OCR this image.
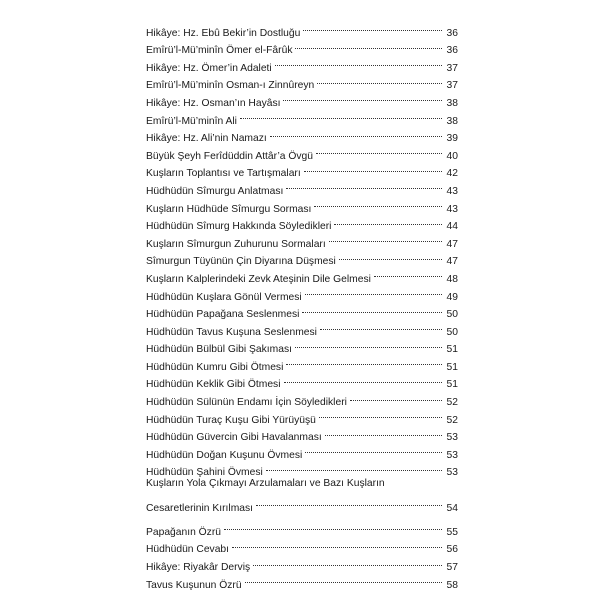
Hikâye: Hz. Ebû Bekir’in Dostluğu	36
Emîrü’l-Mü’minîn Ömer el-Fârûk	36
Hikâye: Hz. Ömer’in Adaleti	37
Emîrü’l-Mü’minîn Osman-ı Zinnûreyn	37
Hikâye: Hz. Osman’ın Hayâsı	38
Emîrü’l-Mü’minîn Ali	38
Hikâye: Hz. Ali’nin Namazı	39
Büyük Şeyh Ferîdüddin Attâr’a Övgü	40
Kuşların Toplantısı ve Tartışmaları	42
Hüdhüdün Sîmurgu Anlatması	43
Kuşların Hüdhüde Sîmurgu Sorması	43
Hüdhüdün Sîmurg Hakkında Söyledikleri	44
Kuşların Sîmurgun Zuhurunu Sormaları	47
Sîmurgun Tüyünün Çin Diyarına Düşmesi	47
Kuşların Kalplerindeki Zevk Ateşinin Dile Gelmesi	48
Hüdhüdün Kuşlara Gönül Vermesi	49
Hüdhüdün Papağana Seslenmesi	50
Hüdhüdün Tavus Kuşuna Seslenmesi	50
Hüdhüdün Bülbül Gibi Şakıması	51
Hüdhüdün Kumru Gibi Ötmesi	51
Hüdhüdün Keklik Gibi Ötmesi	51
Hüdhüdün Sülünün Endamı İçin Söyledikleri	52
Hüdhüdün Turaç Kuşu Gibi Yürüyüşü	52
Hüdhüdün Güvercin Gibi Havalanması	53
Hüdhüdün Doğan Kuşunu Övmesi	53
Hüdhüdün Şahini Övmesi	53
Kuşların Yola Çıkmayı Arzulamaları ve Bazı Kuşların
Cesaretlerinin Kırılması	54
Papağanın Özrü	55
Hüdhüdün Cevabı	56
Hikâye: Riyakâr Derviş	57
Tavus Kuşunun Özrü	58
